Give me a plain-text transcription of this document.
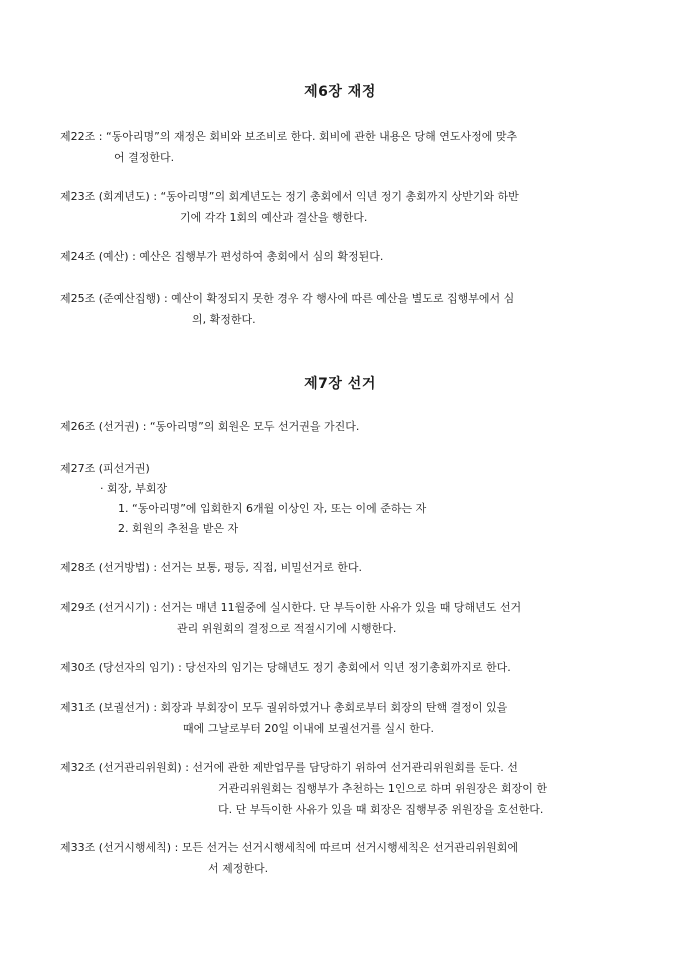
제6장 재정
제22조 : “동아리명”의 재정은 회비와 보조비로 한다. 회비에 관한 내용은 당해 연도사정에 맞추
어 결정한다.
제23조 (회계년도) : “동아리명”의 회계년도는 정기 총회에서 익년 정기 총회까지 상반기와 하반
기에 각각 1회의 예산과 결산을 행한다.
제24조 (예산) : 예산은 집행부가 편성하여 총회에서 심의 확정된다.
제25조 (준예산집행) : 예산이 확정되지 못한 경우 각 행사에 따른 예산을 별도로 집행부에서 심
의, 확정한다.
제7장 선거
제26조 (선거권) : “동아리명”의 회원은 모두 선거권을 가진다.
제27조 (피선거권)
· 회장, 부회장
1. “동아리명”에 입회한지 6개월 이상인 자, 또는 이에 준하는 자
2. 회원의 추천을 받은 자
제28조 (선거방법) : 선거는 보통, 평등, 직접, 비밀선거로 한다.
제29조 (선거시기) : 선거는 매년 11월중에 실시한다. 단 부득이한 사유가 있을 때 당해년도 선거
관리 위원회의 결정으로 적절시기에 시행한다.
제30조 (당선자의 임기) : 당선자의 임기는 당해년도 정기 총회에서 익년 정기총회까지로 한다.
제31조 (보궐선거) : 회장과 부회장이 모두 궐위하였거나 총회로부터 회장의 탄핵 결정이 있을
때에 그날로부터 20일 이내에 보궐선거를 실시 한다.
제32조 (선거관리위원회) : 선거에 관한 제반업무를 담당하기 위하여 선거관리위원회를 둔다. 선
거관리위원회는 집행부가 추천하는 1인으로 하며 위원장은 회장이 한
다. 단 부득이한 사유가 있을 때 회장은 집행부중 위원장을 호선한다.
제33조 (선거시행세칙) : 모든 선거는 선거시행세칙에 따르며 선거시행세칙은 선거관리위원회에
서 제정한다.
